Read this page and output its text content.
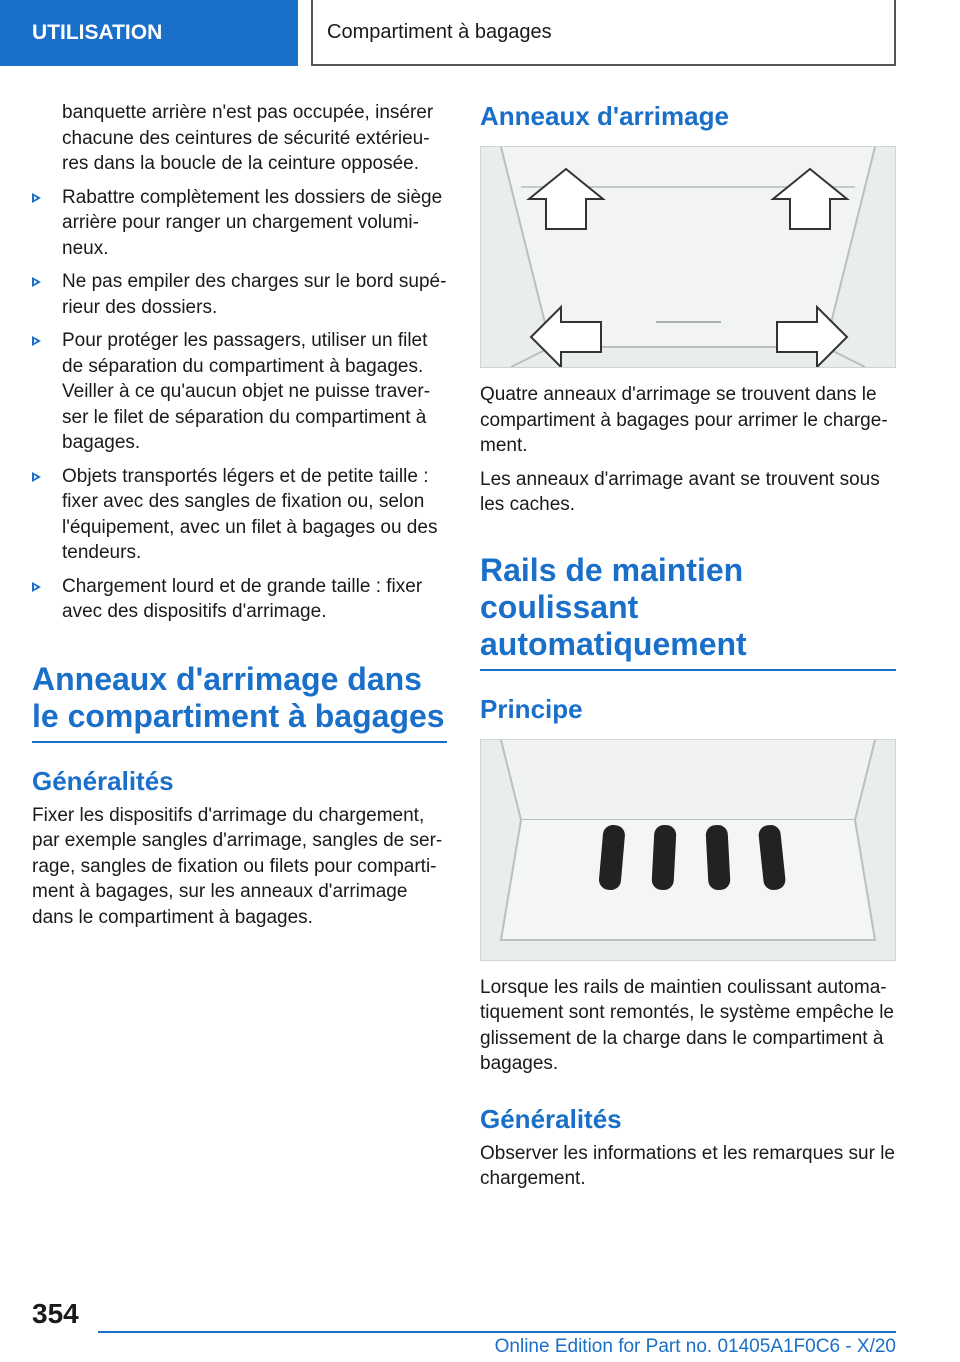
UTILISATION	Compartiment à bagages

banquette arrière n'est pas occupée, insérer chacune des ceintures de sécurité extérieures dans la boucle de la ceinture opposée.

Rabattre complètement les dossiers de siège arrière pour ranger un chargement volumineux.
Ne pas empiler des charges sur le bord supérieur des dossiers.
Pour protéger les passagers, utiliser un filet de séparation du compartiment à bagages. Veiller à ce qu'aucun objet ne puisse traverser le filet de séparation du compartiment à bagages.
Objets transportés légers et de petite taille : fixer avec des sangles de fixation ou, selon l'équipement, avec un filet à bagages ou des tendeurs.
Chargement lourd et de grande taille : fixer avec des dispositifs d'arrimage.
Anneaux d'arrimage dans le compartiment à bagages
Généralités

Fixer les dispositifs d'arrimage du chargement, par exemple sangles d'arrimage, sangles de serrage, sangles de fixation ou filets pour compartiment à bagages, sur les anneaux d'arrimage dans le compartiment à bagages.

Anneaux d'arrimage

Quatre anneaux d'arrimage se trouvent dans le compartiment à bagages pour arrimer le chargement.

Les anneaux d'arrimage avant se trouvent sous les caches.

Rails de maintien coulissant automatiquement
Principe

Lorsque les rails de maintien coulissant automatiquement sont remontés, le système empêche le glissement de la charge dans le compartiment à bagages.

Généralités

Observer les informations et les remarques sur le chargement.

354
Online Edition for Part no. 01405A1F0C6 - X/20
